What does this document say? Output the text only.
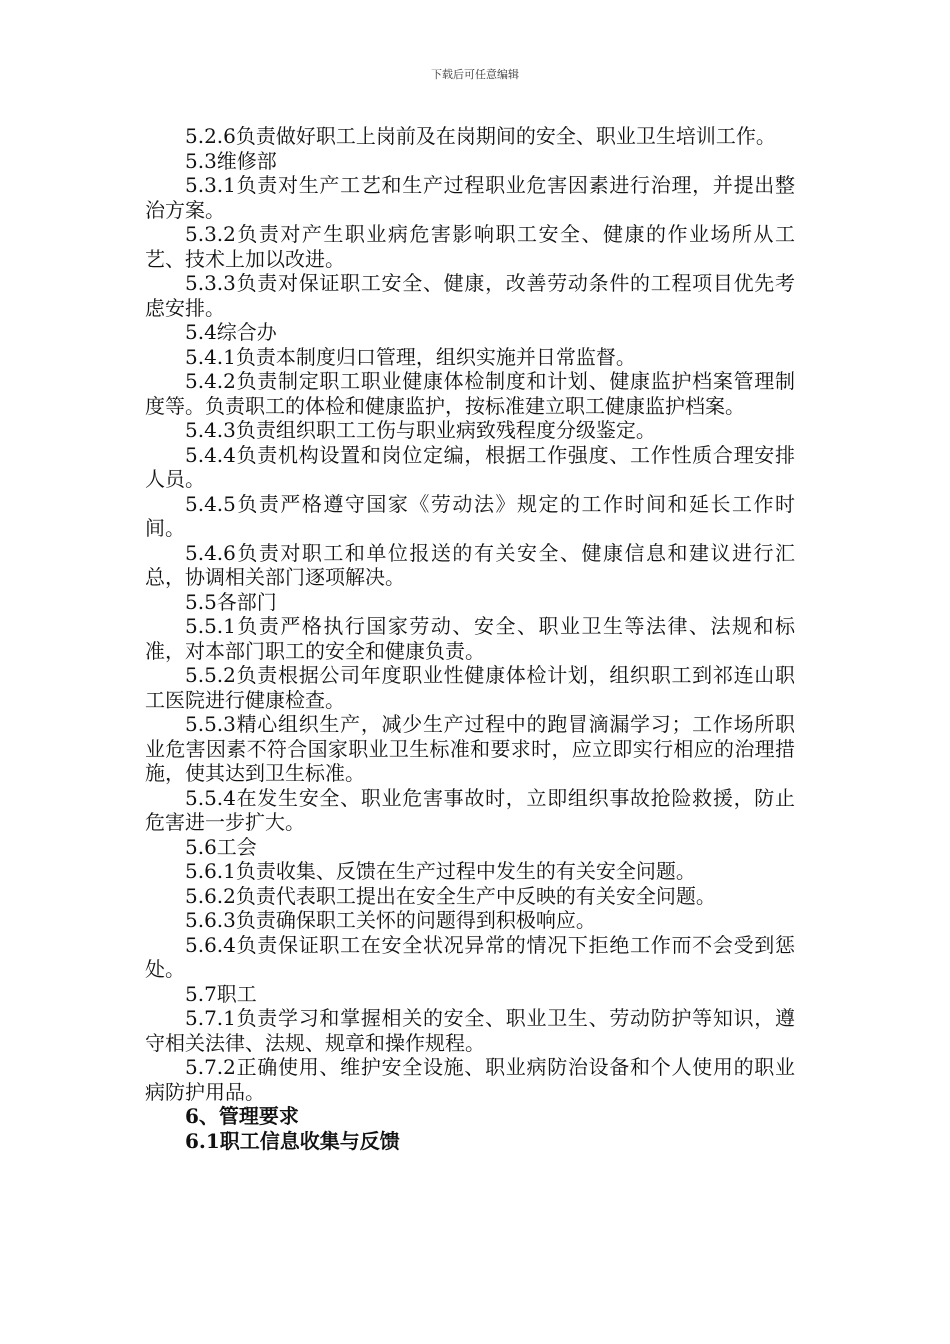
下载后可任意编辑

5.2.6负责做好职工上岗前及在岗期间的安全、职业卫生培训工作。

5.3维修部

5.3.1负责对生产工艺和生产过程职业危害因素进行治理，并提出整治方案。

5.3.2负责对产生职业病危害影响职工安全、健康的作业场所从工艺、技术上加以改进。

5.3.3负责对保证职工安全、健康，改善劳动条件的工程项目优先考虑安排。

5.4综合办

5.4.1负责本制度归口管理，组织实施并日常监督。

5.4.2负责制定职工职业健康体检制度和计划、健康监护档案管理制度等。负责职工的体检和健康监护，按标准建立职工健康监护档案。

5.4.3负责组织职工工伤与职业病致残程度分级鉴定。

5.4.4负责机构设置和岗位定编，根据工作强度、工作性质合理安排人员。

5.4.5负责严格遵守国家《劳动法》规定的工作时间和延长工作时间。

5.4.6负责对职工和单位报送的有关安全、健康信息和建议进行汇总，协调相关部门逐项解决。

5.5各部门

5.5.1负责严格执行国家劳动、安全、职业卫生等法律、法规和标准，对本部门职工的安全和健康负责。

5.5.2负责根据公司年度职业性健康体检计划，组织职工到祁连山职工医院进行健康检查。

5.5.3精心组织生产，减少生产过程中的跑冒滴漏学习；工作场所职业危害因素不符合国家职业卫生标准和要求时，应立即实行相应的治理措施，使其达到卫生标准。

5.5.4在发生安全、职业危害事故时，立即组织事故抢险救援，防止危害进一步扩大。

5.6工会

5.6.1负责收集、反馈在生产过程中发生的有关安全问题。

5.6.2负责代表职工提出在安全生产中反映的有关安全问题。

5.6.3负责确保职工关怀的问题得到积极响应。

5.6.4负责保证职工在安全状况异常的情况下拒绝工作而不会受到惩处。

5.7职工

5.7.1负责学习和掌握相关的安全、职业卫生、劳动防护等知识，遵守相关法律、法规、规章和操作规程。

5.7.2正确使用、维护安全设施、职业病防治设备和个人使用的职业病防护用品。

6、管理要求

6.1职工信息收集与反馈
